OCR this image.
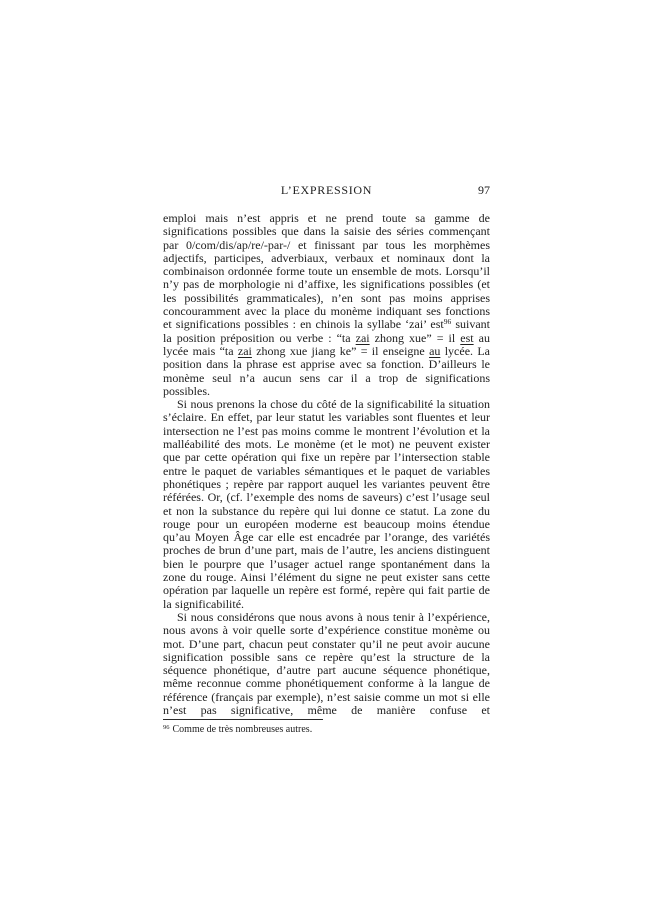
L’EXPRESSION	97

emploi mais n’est appris et ne prend toute sa gamme de significations possibles que dans la saisie des séries commençant par 0/com/dis/ap/re/-par-/ et finissant par tous les morphèmes adjectifs, participes, adverbiaux, verbaux et nominaux dont la combinaison ordonnée forme toute un ensemble de mots. Lorsqu’il n’y pas de morphologie ni d’affixe, les significations possibles (et les possibilités grammaticales), n’en sont pas moins apprises concouramment avec la place du monème indiquant ses fonctions et significations possibles : en chinois la syllabe ‘zai’ est$^{96}$ suivant la position préposition ou verbe : “ta zai zhong xue” = il est au lycée mais “ta zai zhong xue jiang ke” = il enseigne au lycée. La position dans la phrase est apprise avec sa fonction. D’ailleurs le monème seul n’a aucun sens car il a trop de significations possibles.

Si nous prenons la chose du côté de la significabilité la situation s’éclaire. En effet, par leur statut les variables sont fluentes et leur intersection ne l’est pas moins comme le montrent l’évolution et la malléabilité des mots. Le monème (et le mot) ne peuvent exister que par cette opération qui fixe un repère par l’intersection stable entre le paquet de variables sémantiques et le paquet de variables phonétiques ; repère par rapport auquel les variantes peuvent être référées. Or, (cf. l’exemple des noms de saveurs) c’est l’usage seul et non la substance du repère qui lui donne ce statut. La zone du rouge pour un européen moderne est beaucoup moins étendue qu’au Moyen Âge car elle est encadrée par l’orange, des variétés proches de brun d’une part, mais de l’autre, les anciens distinguent bien le pourpre que l’usager actuel range spontanément dans la zone du rouge. Ainsi l’élément du signe ne peut exister sans cette opération par laquelle un repère est formé, repère qui fait partie de la significabilité.

Si nous considérons que nous avons à nous tenir à l’expérience, nous avons à voir quelle sorte d’expérience constitue monème ou mot. D’une part, chacun peut constater qu’il ne peut avoir aucune signification possible sans ce repère qu’est la structure de la séquence phonétique, d’autre part aucune séquence phonétique, même reconnue comme phonétiquement conforme à la langue de référence (français par exemple), n’est saisie comme un mot si elle n’est pas significative, même de manière confuse et

$^{96}$ Comme de très nombreuses autres.
